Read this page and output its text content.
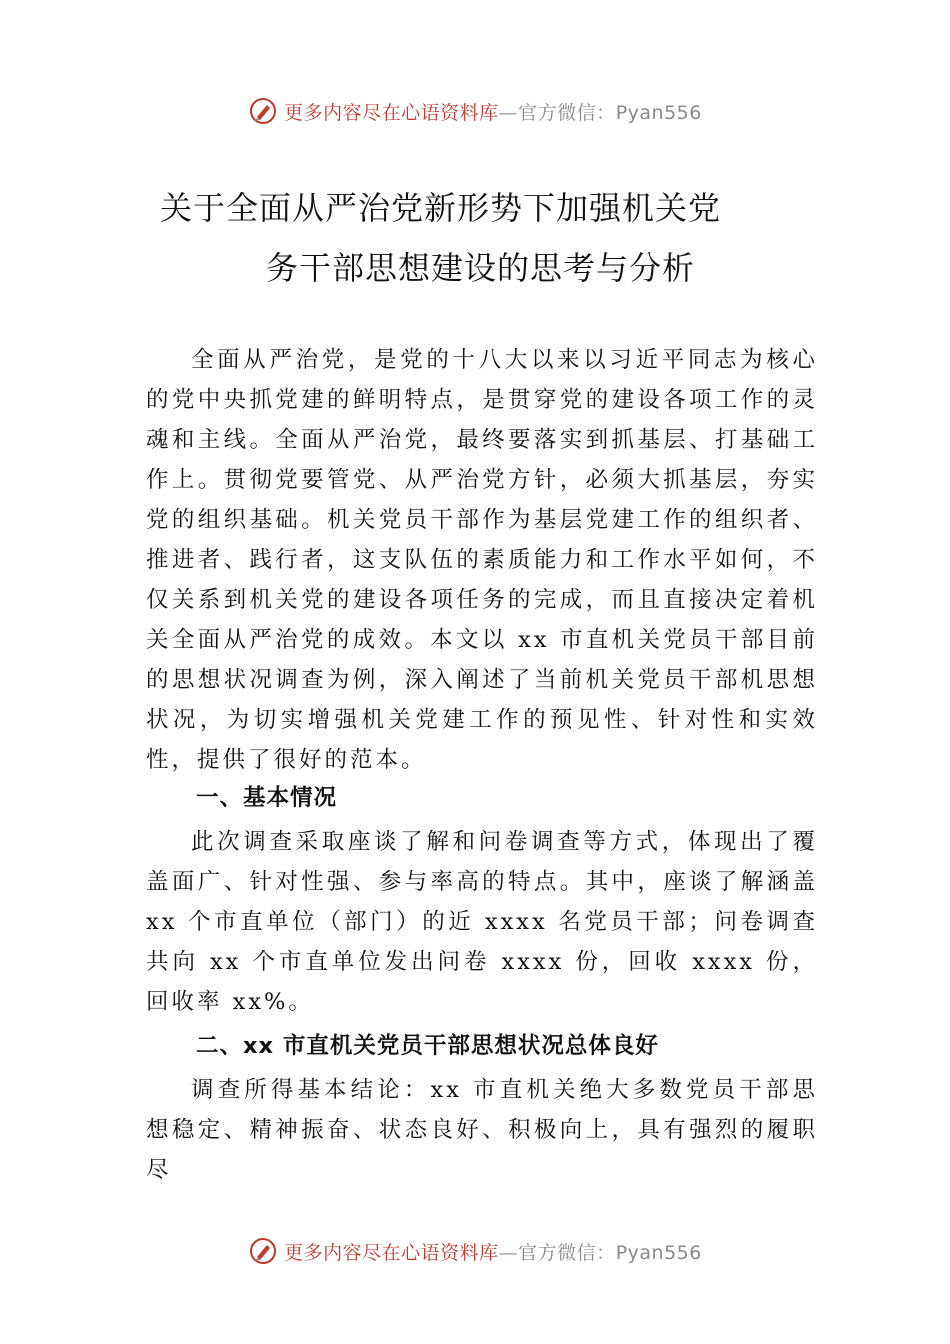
更多内容尽在心语资料库—官方微信：Pyan556
关于全面从严治党新形势下加强机关党
务干部思想建设的思考与分析

全面从严治党，是党的十八大以来以习近平同志为核心的党中央抓党建的鲜明特点，是贯穿党的建设各项工作的灵魂和主线。全面从严治党，最终要落实到抓基层、打基础工作上。贯彻党要管党、从严治党方针，必须大抓基层，夯实党的组织基础。机关党员干部作为基层党建工作的组织者、推进者、践行者，这支队伍的素质能力和工作水平如何，不仅关系到机关党的建设各项任务的完成，而且直接决定着机关全面从严治党的成效。本文以 xx 市直机关党员干部目前的思想状况调查为例，深入阐述了当前机关党员干部机思想状况，为切实增强机关党建工作的预见性、针对性和实效性，提供了很好的范本。

一、基本情况

此次调查采取座谈了解和问卷调查等方式，体现出了覆盖面广、针对性强、参与率高的特点。其中，座谈了解涵盖 xx 个市直单位（部门）的近 xxxx 名党员干部；问卷调查共向 xx 个市直单位发出问卷 xxxx 份，回收 xxxx 份，回收率 xx%。

二、xx 市直机关党员干部思想状况总体良好

调查所得基本结论：xx 市直机关绝大多数党员干部思想稳定、精神振奋、状态良好、积极向上，具有强烈的履职尽

更多内容尽在心语资料库—官方微信：Pyan556
